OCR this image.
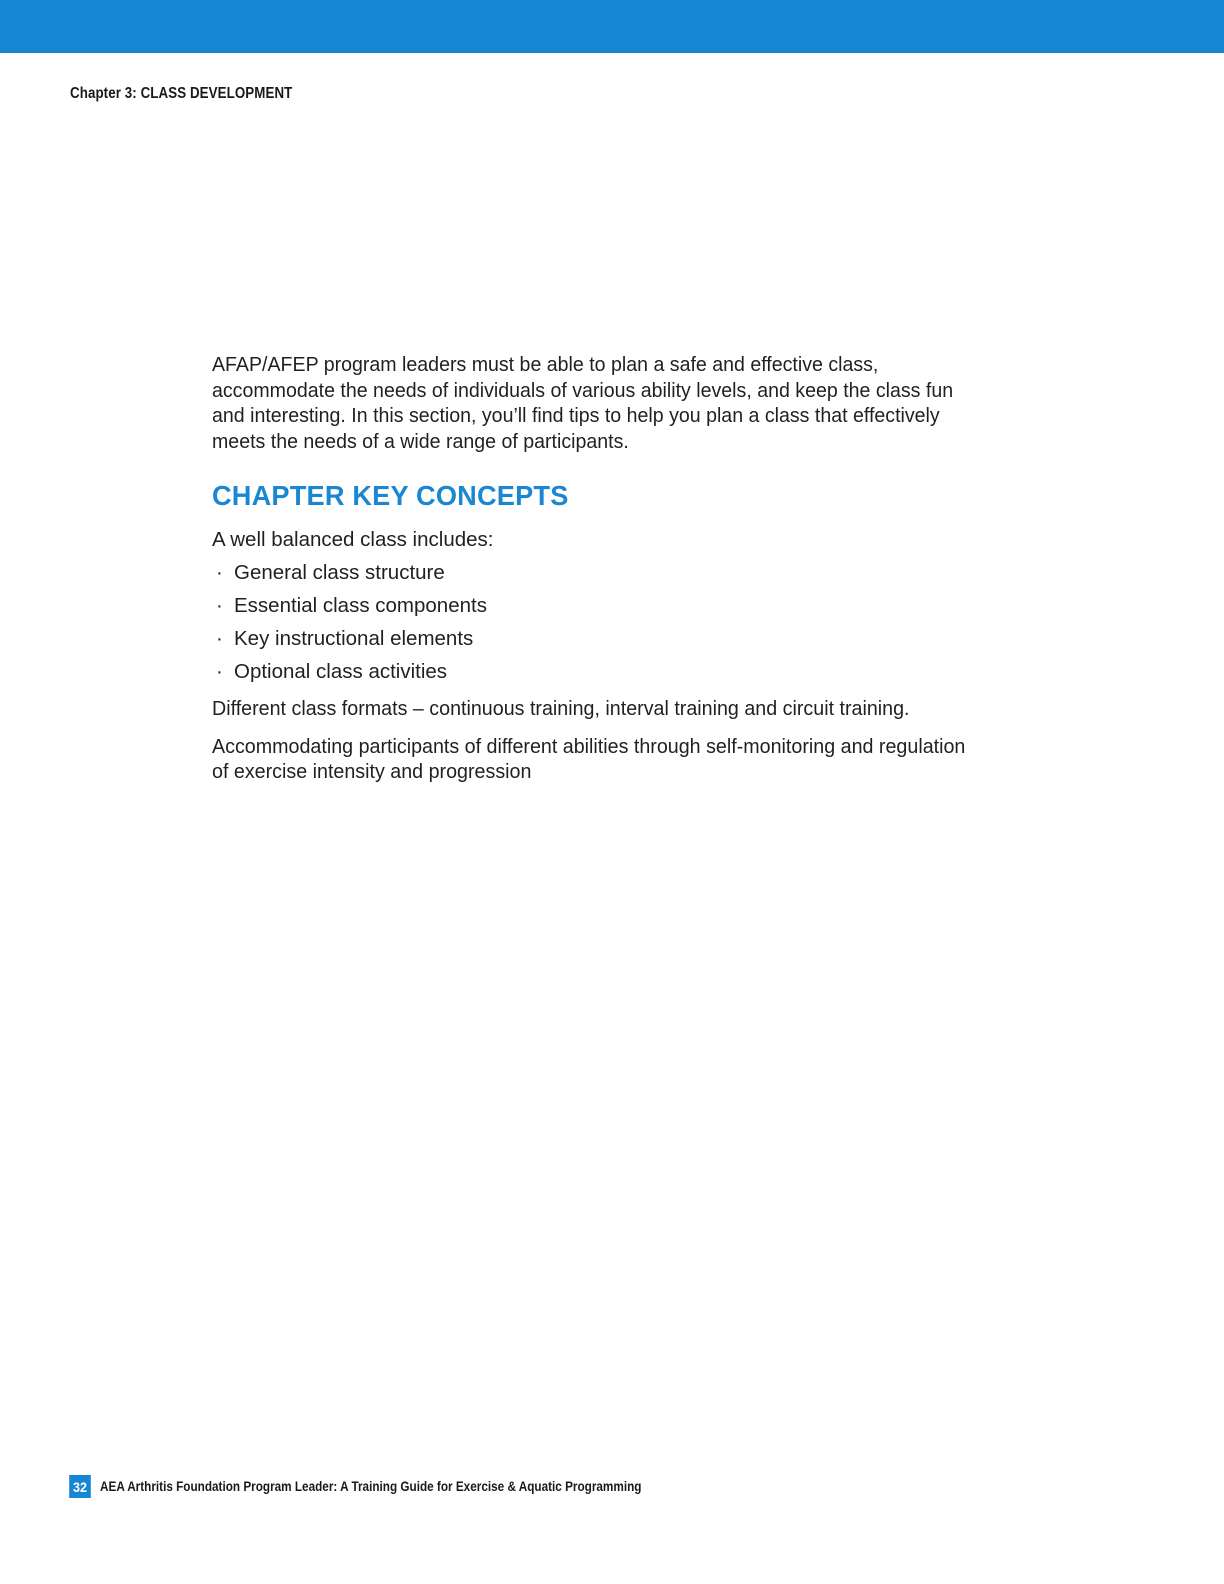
Chapter 3: CLASS DEVELOPMENT

AFAP/AFEP program leaders must be able to plan a safe and effective class, accommodate the needs of individuals of various ability levels, and keep the class fun and interesting. In this section, you’ll find tips to help you plan a class that effectively meets the needs of a wide range of participants.

CHAPTER KEY CONCEPTS

A well balanced class includes:

· General class structure
· Essential class components
· Key instructional elements
· Optional class activities

Different class formats – continuous training, interval training and circuit training.

Accommodating participants of different abilities through self-monitoring and regulation of exercise intensity and progression

32 AEA Arthritis Foundation Program Leader: A Training Guide for Exercise & Aquatic Programming
